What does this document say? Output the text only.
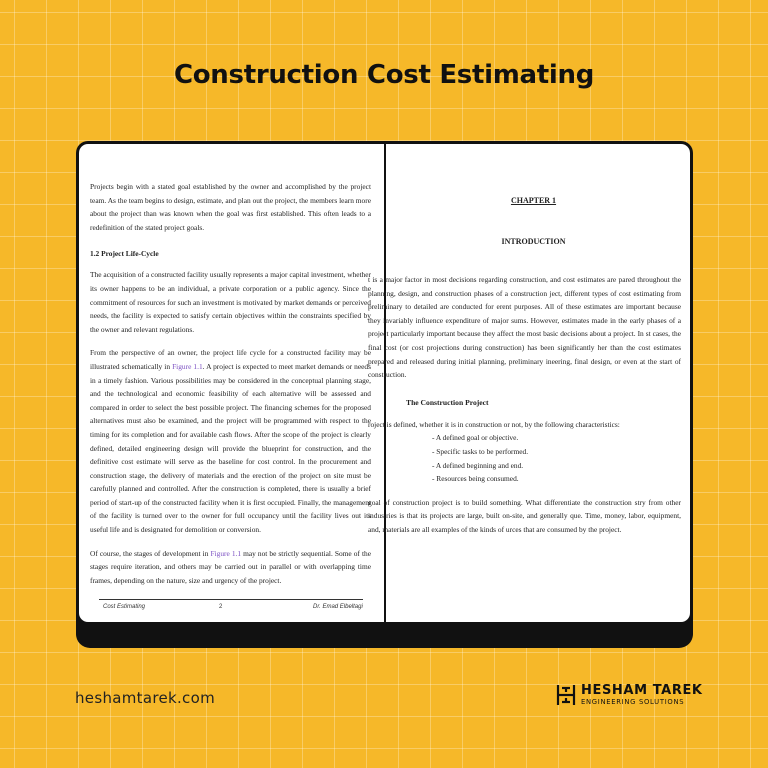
Construction Cost Estimating

Projects begin with a stated goal established by the owner and accomplished by the project team. As the team begins to design, estimate, and plan out the project, the members learn more about the project than was known when the goal was first established. This often leads to a redefinition of the stated project goals.

1.2 Project Life-Cycle

The acquisition of a constructed facility usually represents a major capital investment, whether its owner happens to be an individual, a private corporation or a public agency. Since the commitment of resources for such an investment is motivated by market demands or perceived needs, the facility is expected to satisfy certain objectives within the constraints specified by the owner and relevant regulations.

From the perspective of an owner, the project life cycle for a constructed facility may be illustrated schematically in Figure 1.1. A project is expected to meet market demands or needs in a timely fashion. Various possibilities may be considered in the conceptual planning stage, and the technological and economic feasibility of each alternative will be assessed and compared in order to select the best possible project. The financing schemes for the proposed alternatives must also be examined, and the project will be programmed with respect to the timing for its completion and for available cash flows. After the scope of the project is clearly defined, detailed engineering design will provide the blueprint for construction, and the definitive cost estimate will serve as the baseline for cost control. In the procurement and construction stage, the delivery of materials and the erection of the project on site must be carefully planned and controlled. After the construction is completed, there is usually a brief period of start-up of the constructed facility when it is first occupied. Finally, the management of the facility is turned over to the owner for full occupancy until the facility lives out its useful life and is designated for demolition or conversion.

Of course, the stages of development in Figure 1.1 may not be strictly sequential. Some of the stages require iteration, and others may be carried out in parallel or with overlapping time frames, depending on the nature, size and urgency of the project.

Cost Estimating	2	Dr. Emad Elbeltagi
CHAPTER 1
INTRODUCTION

t is a major factor in most decisions regarding construction, and cost estimates are pared throughout the planning, design, and construction phases of a construction ject, different types of cost estimating from preliminary to detailed are conducted for erent purposes. All of these estimates are important because they invariably influence expenditure of major sums. However, estimates made in the early phases of a project particularly important because they affect the most basic decisions about a project. In st cases, the final cost (or cost projections during construction) has been significantly her than the cost estimates prepared and released during initial planning, preliminary ineering, final design, or even at the start of construction.

The Construction Project

roject is defined, whether it is in construction or not, by the following characteristics:

- A defined goal or objective.
- Specific tasks to be performed.
- A defined beginning and end.
- Resources being consumed.

goal of construction project is to build something. What differentiate the construction stry from other industries is that its projects are large, built on-site, and generally que. Time, money, labor, equipment, and, materials are all examples of the kinds of urces that are consumed by the project.

heshamtarek.com	HESHAM TAREK
ENGINEERING SOLUTIONS
